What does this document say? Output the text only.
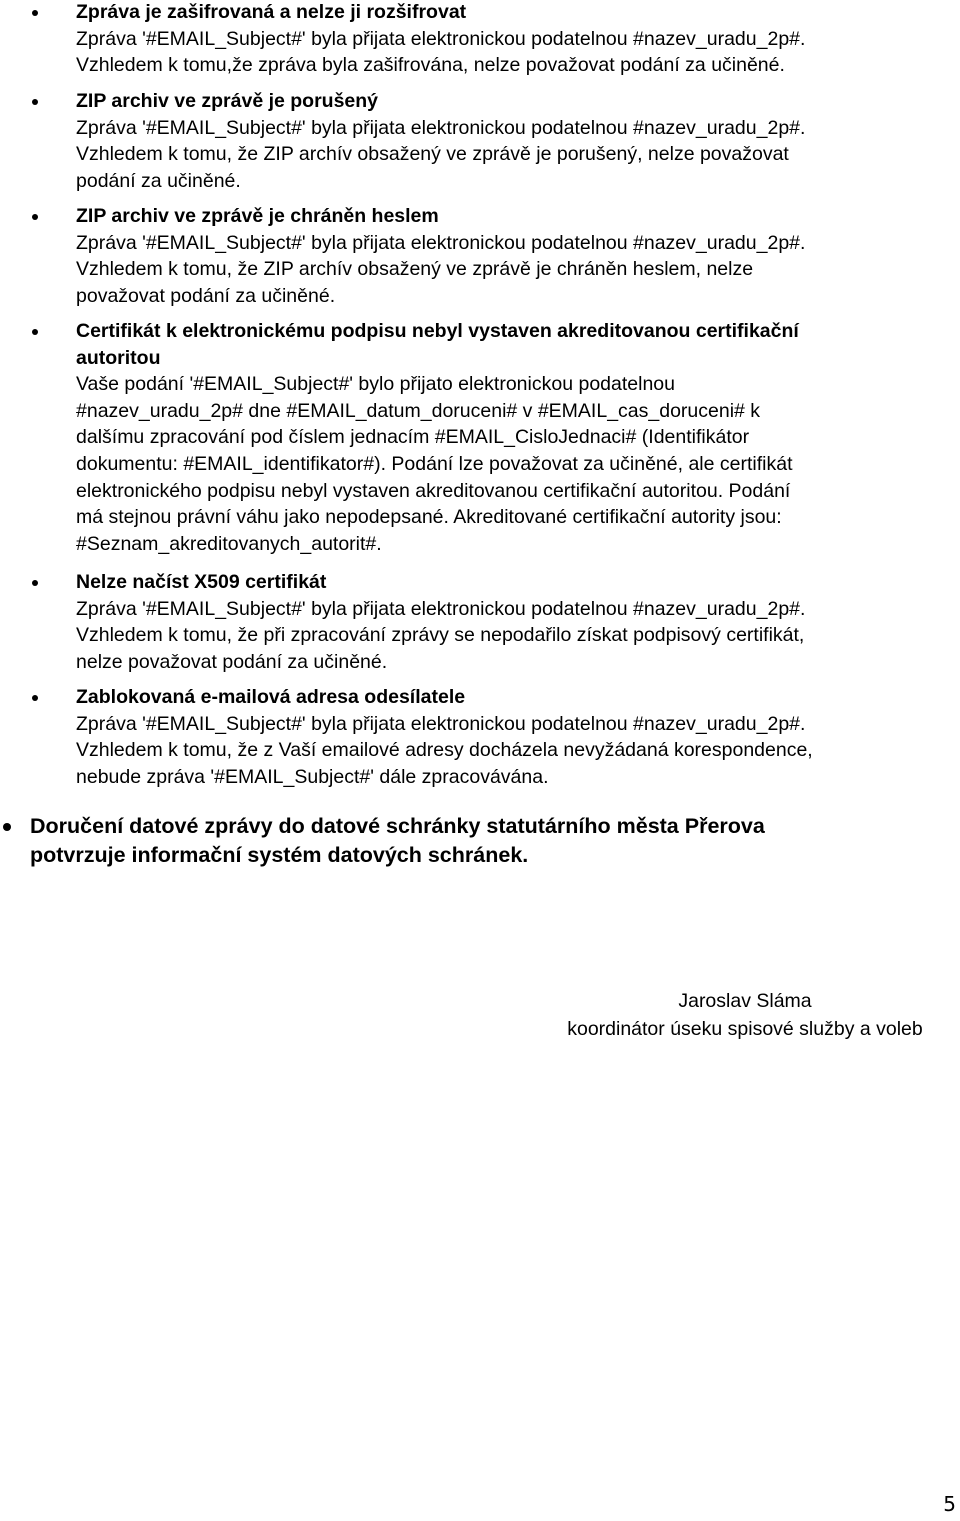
Zpráva je zašifrovaná a nelze ji rozšifrovat
Zpráva '#EMAIL_Subject#' byla přijata elektronickou podatelnou #nazev_uradu_2p#.
Vzhledem k tomu,že zpráva byla zašifrována, nelze považovat podání za učiněné.
ZIP archiv ve zprávě je porušený
Zpráva '#EMAIL_Subject#' byla přijata elektronickou podatelnou #nazev_uradu_2p#.
Vzhledem k tomu, že ZIP archív obsažený ve zprávě je porušený, nelze považovat
podání za učiněné.
ZIP archiv ve zprávě je chráněn heslem
Zpráva '#EMAIL_Subject#' byla přijata elektronickou podatelnou #nazev_uradu_2p#.
Vzhledem k tomu, že ZIP archív obsažený ve zprávě je chráněn heslem, nelze
považovat podání za učiněné.
Certifikát k elektronickému podpisu nebyl vystaven akreditovanou certifikační
autoritou
Vaše podání '#EMAIL_Subject#' bylo přijato elektronickou podatelnou
#nazev_uradu_2p# dne #EMAIL_datum_doruceni# v #EMAIL_cas_doruceni# k
dalšímu zpracování pod číslem jednacím #EMAIL_CisloJednaci# (Identifikátor
dokumentu: #EMAIL_identifikator#). Podání lze považovat za učiněné, ale certifikát
elektronického podpisu nebyl vystaven akreditovanou certifikační autoritou. Podání
má stejnou právní váhu jako nepodepsané. Akreditované certifikační autority jsou:
#Seznam_akreditovanych_autorit#.
Nelze načíst X509 certifikát
Zpráva '#EMAIL_Subject#' byla přijata elektronickou podatelnou #nazev_uradu_2p#.
Vzhledem k tomu, že při zpracování zprávy se nepodařilo získat podpisový certifikát,
nelze považovat podání za učiněné.
Zablokovaná e-mailová adresa odesílatele
Zpráva '#EMAIL_Subject#' byla přijata elektronickou podatelnou #nazev_uradu_2p#.
Vzhledem k tomu, že z Vaší emailové adresy docházela nevyžádaná korespondence,
nebude zpráva '#EMAIL_Subject#' dále zpracovávána.
Doručení datové zprávy do datové schránky statutárního města Přerova
potvrzuje informační systém datových schránek.
Jaroslav Sláma
koordinátor úseku spisové služby a voleb
5
